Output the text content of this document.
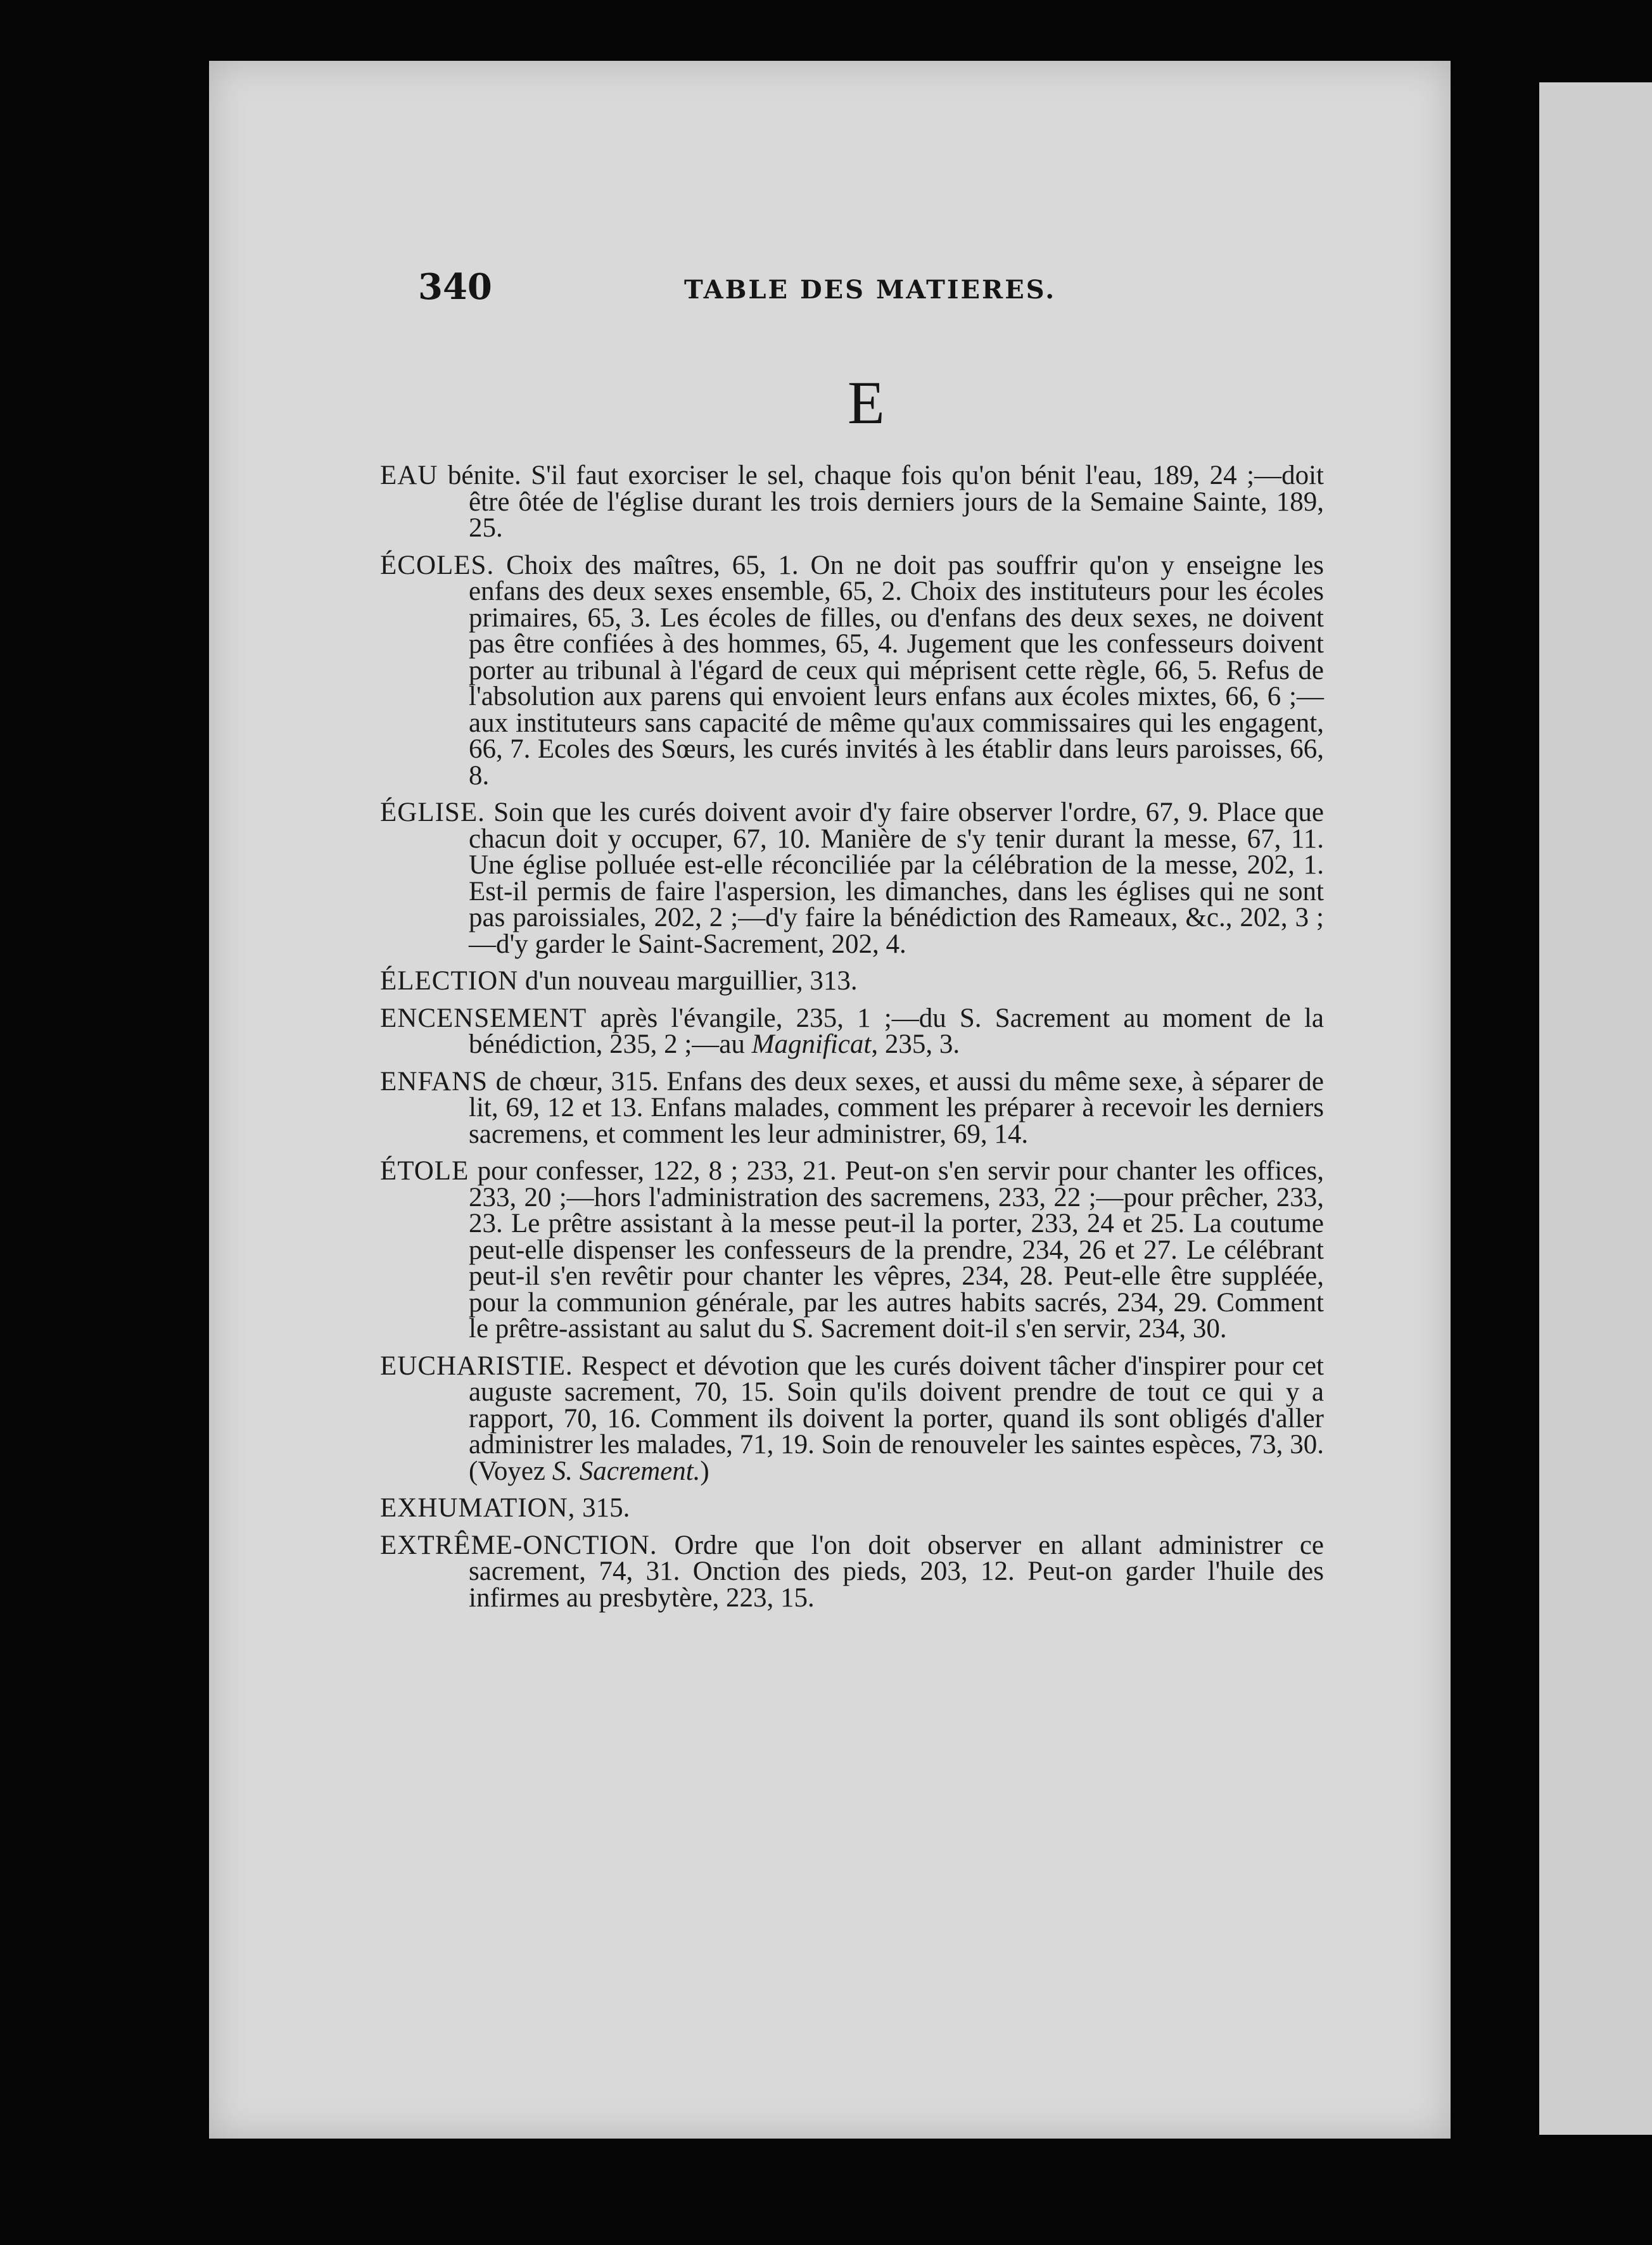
340	TABLE DES MATIERES.
E

EAU bénite. S'il faut exorciser le sel, chaque fois qu'on bénit l'eau, 189, 24 ;—doit être ôtée de l'église durant les trois derniers jours de la Semaine Sainte, 189, 25.

ÉCOLES. Choix des maîtres, 65, 1. On ne doit pas souffrir qu'on y enseigne les enfans des deux sexes ensemble, 65, 2. Choix des instituteurs pour les écoles primaires, 65, 3. Les écoles de filles, ou d'enfans des deux sexes, ne doivent pas être confiées à des hommes, 65, 4. Jugement que les confesseurs doivent porter au tribunal à l'égard de ceux qui méprisent cette règle, 66, 5. Refus de l'absolution aux parens qui envoient leurs enfans aux écoles mixtes, 66, 6 ;—aux instituteurs sans capacité de même qu'aux commissaires qui les engagent, 66, 7. Ecoles des Sœurs, les curés invités à les établir dans leurs paroisses, 66, 8.

ÉGLISE. Soin que les curés doivent avoir d'y faire observer l'ordre, 67, 9. Place que chacun doit y occuper, 67, 10. Manière de s'y tenir durant la messe, 67, 11. Une église polluée est-elle réconciliée par la célébration de la messe, 202, 1. Est-il permis de faire l'aspersion, les dimanches, dans les églises qui ne sont pas paroissiales, 202, 2 ;—d'y faire la bénédiction des Rameaux, &c., 202, 3 ;—d'y garder le Saint-Sacrement, 202, 4.

ÉLECTION d'un nouveau marguillier, 313.

ENCENSEMENT après l'évangile, 235, 1 ;—du S. Sacrement au moment de la bénédiction, 235, 2 ;—au Magnificat, 235, 3.

ENFANS de chœur, 315. Enfans des deux sexes, et aussi du même sexe, à séparer de lit, 69, 12 et 13. Enfans malades, comment les préparer à recevoir les derniers sacremens, et comment les leur administrer, 69, 14.

ÉTOLE pour confesser, 122, 8 ; 233, 21. Peut-on s'en servir pour chanter les offices, 233, 20 ;—hors l'administration des sacremens, 233, 22 ;—pour prêcher, 233, 23. Le prêtre assistant à la messe peut-il la porter, 233, 24 et 25. La coutume peut-elle dispenser les confesseurs de la prendre, 234, 26 et 27. Le célébrant peut-il s'en revêtir pour chanter les vêpres, 234, 28. Peut-elle être suppléée, pour la communion générale, par les autres habits sacrés, 234, 29. Comment le prêtre-assistant au salut du S. Sacrement doit-il s'en servir, 234, 30.

EUCHARISTIE. Respect et dévotion que les curés doivent tâcher d'inspirer pour cet auguste sacrement, 70, 15. Soin qu'ils doivent prendre de tout ce qui y a rapport, 70, 16. Comment ils doivent la porter, quand ils sont obligés d'aller administrer les malades, 71, 19. Soin de renouveler les saintes espèces, 73, 30. (Voyez S. Sacrement.)

EXHUMATION, 315.

EXTRÊME-ONCTION. Ordre que l'on doit observer en allant administrer ce sacrement, 74, 31. Onction des pieds, 203, 12. Peut-on garder l'huile des infirmes au presbytère, 223, 15.
